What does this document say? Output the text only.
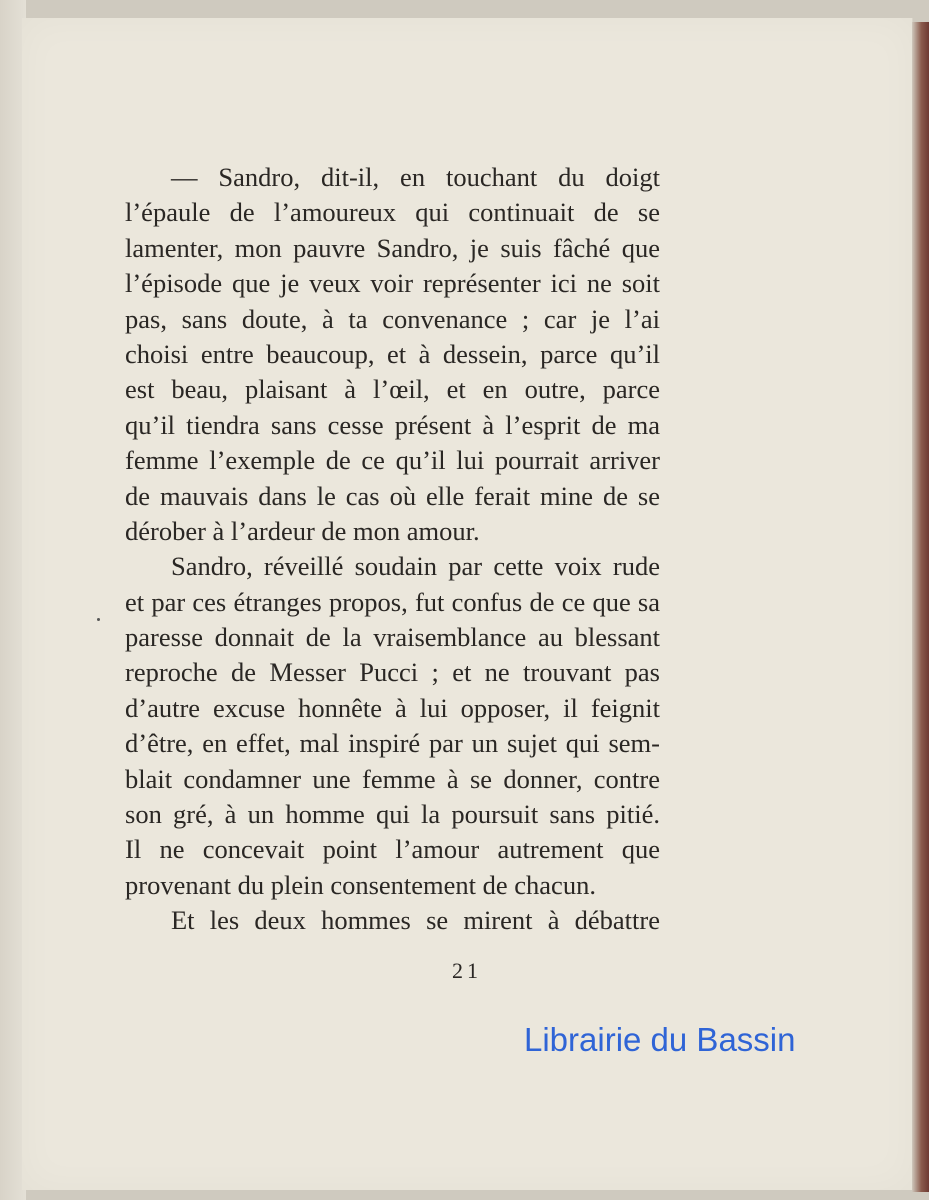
— Sandro, dit-il, en touchant du doigt
l’épaule de l’amoureux qui continuait de se
lamenter, mon pauvre Sandro, je suis fâché que
l’épisode que je veux voir représenter ici ne soit
pas, sans doute, à ta convenance ; car je l’ai
choisi entre beaucoup, et à dessein, parce qu’il
est beau, plaisant à l’œil, et en outre, parce
qu’il tiendra sans cesse présent à l’esprit de ma
femme l’exemple de ce qu’il lui pourrait arriver
de mauvais dans le cas où elle ferait mine de se
dérober à l’ardeur de mon amour.
Sandro, réveillé soudain par cette voix rude
et par ces étranges propos, fut confus de ce que sa
paresse donnait de la vraisemblance au blessant
reproche de Messer Pucci ; et ne trouvant pas
d’autre excuse honnête à lui opposer, il feignit
d’être, en effet, mal inspiré par un sujet qui sem-
blait condamner une femme à se donner, contre
son gré, à un homme qui la poursuit sans pitié.
Il ne concevait point l’amour autrement que
provenant du plein consentement de chacun.
Et les deux hommes se mirent à débattre
21
Librairie du Bassin
